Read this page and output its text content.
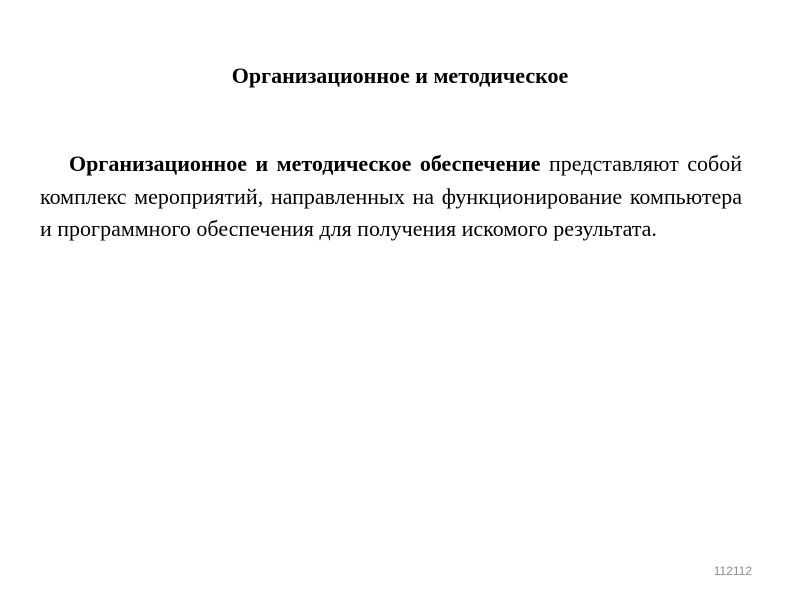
Организационное и методическое

Организационное и методическое обеспечение представляют собой комплекс мероприятий, направленных на функционирование компьютера и программного обеспечения для получения искомого результата.

112112
